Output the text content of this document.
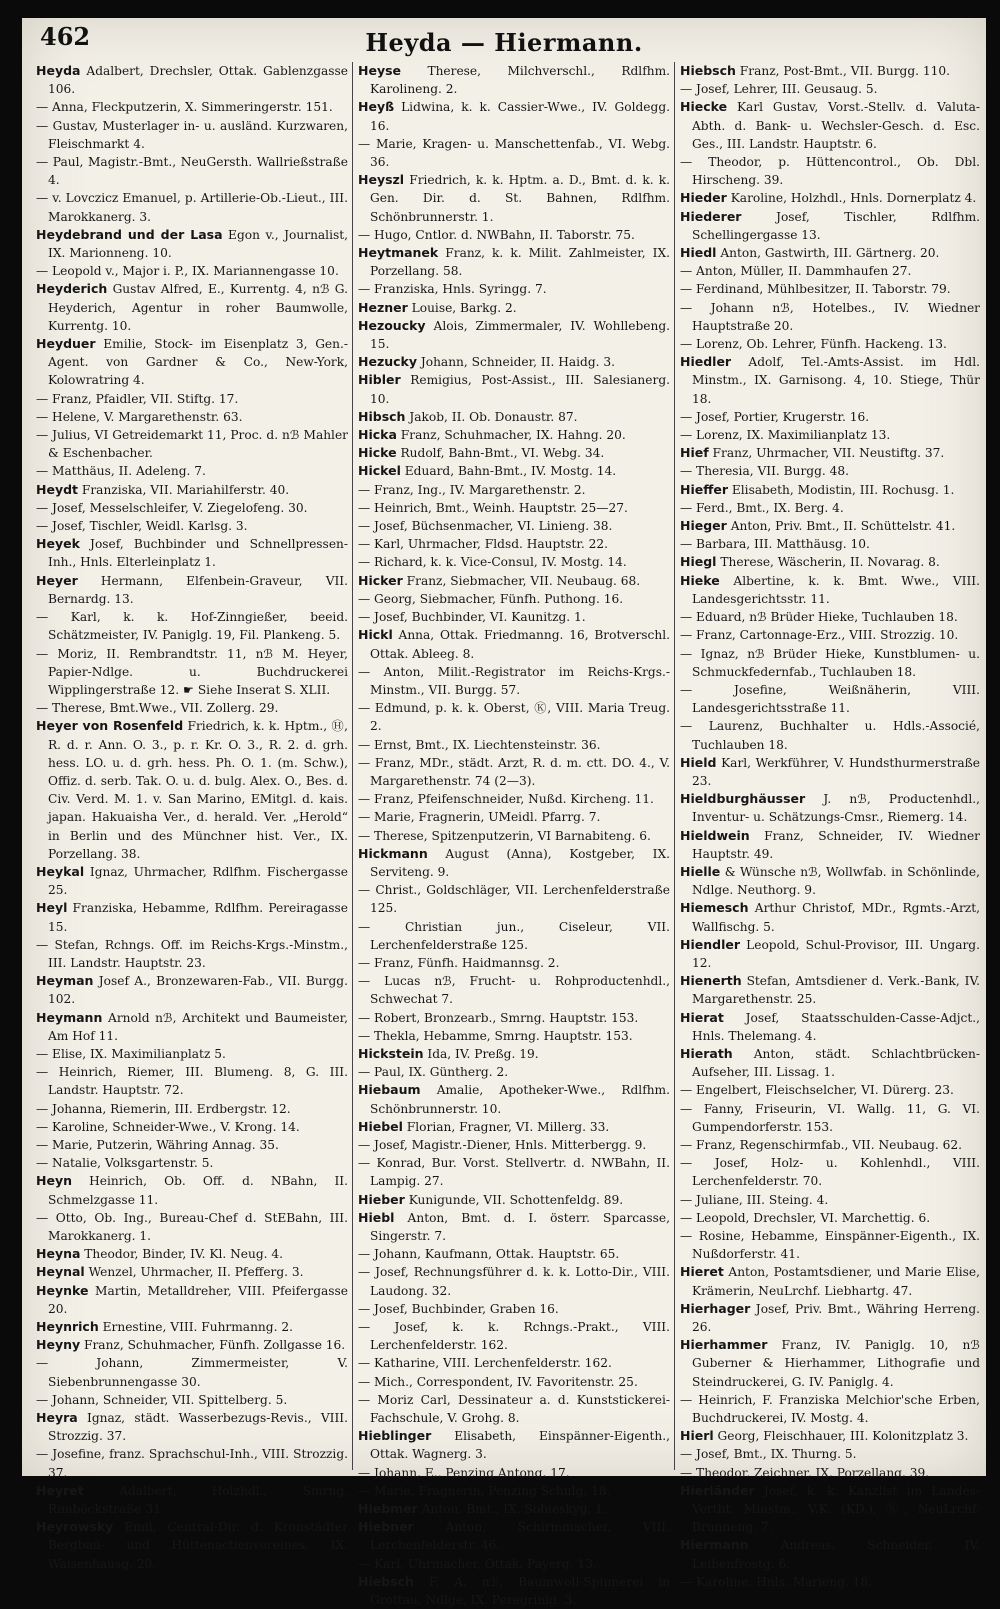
462	Heyda — Hiermann.

Heyda Adalbert, Drechsler, Ottak. Gablenzgasse 106.

— Anna, Fleckputzerin, X. Simmeringerstr. 151.

— Gustav, Musterlager in- u. ausländ. Kurzwaren, Fleischmarkt 4.

— Paul, Magistr.-Bmt., NeuGersth. Wallrießstraße 4.

— v. Lovczicz Emanuel, p. Artillerie-Ob.-Lieut., III. Marokkanerg. 3.

Heydebrand und der Lasa Egon v., Journalist, IX. Marionneng. 10.

— Leopold v., Major i. P., IX. Mariannengasse 10.

Heyderich Gustav Alfred, E., Kurrentg. 4, nℬ G. Heyderich, Agentur in roher Baumwolle, Kurrentg. 10.

Heyduer Emilie, Stock- im Eisenplatz 3, Gen.-Agent. von Gardner & Co., New-York, Kolowratring 4.

— Franz, Pfaidler, VII. Stiftg. 17.

— Helene, V. Margarethenstr. 63.

— Julius, VI Getreidemarkt 11, Proc. d. nℬ Mahler & Eschenbacher.

— Matthäus, II. Adeleng. 7.

Heydt Franziska, VII. Mariahilferstr. 40.

— Josef, Messelschleifer, V. Ziegelofeng. 30.

— Josef, Tischler, Weidl. Karlsg. 3.

Heyek Josef, Buchbinder und Schnellpressen-Inh., Hnls. Elterleinplatz 1.

Heyer Hermann, Elfenbein-Graveur, VII. Bernardg. 13.

— Karl, k. k. Hof-Zinngießer, beeid. Schätzmeister, IV. Paniglg. 19, Fil. Plankeng. 5.

— Moriz, II. Rembrandtstr. 11, nℬ M. Heyer, Papier-Ndlge. u. Buchdruckerei Wipplingerstraße 12. ☛ Siehe Inserat S. XLII.

— Therese, Bmt.Wwe., VII. Zollerg. 29.

Heyer von Rosenfeld Friedrich, k. k. Hptm., Ⓗ, R. d. r. Ann. O. 3., p. r. Kr. O. 3., R. 2. d. grh. hess. LO. u. d. grh. hess. Ph. O. 1. (m. Schw.), Offiz. d. serb. Tak. O. u. d. bulg. Alex. O., Bes. d. Civ. Verd. M. 1. v. San Marino, EMitgl. d. kais. japan. Hakuaisha Ver., d. herald. Ver. „Herold“ in Berlin und des Münchner hist. Ver., IX. Porzellang. 38.

Heykal Ignaz, Uhrmacher, Rdlfhm. Fischergasse 25.

Heyl Franziska, Hebamme, Rdlfhm. Pereiragasse 15.

— Stefan, Rchngs. Off. im Reichs-Krgs.-Minstm., III. Landstr. Hauptstr. 23.

Heyman Josef A., Bronzewaren-Fab., VII. Burgg. 102.

Heymann Arnold nℬ, Architekt und Baumeister, Am Hof 11.

— Elise, IX. Maximilianplatz 5.

— Heinrich, Riemer, III. Blumeng. 8, G. III. Landstr. Hauptstr. 72.

— Johanna, Riemerin, III. Erdbergstr. 12.

— Karoline, Schneider-Wwe., V. Krong. 14.

— Marie, Putzerin, Währing Annag. 35.

— Natalie, Volksgartenstr. 5.

Heyn Heinrich, Ob. Off. d. NBahn, II. Schmelzgasse 11.

— Otto, Ob. Ing., Bureau-Chef d. StEBahn, III. Marokkanerg. 1.

Heyna Theodor, Binder, IV. Kl. Neug. 4.

Heynal Wenzel, Uhrmacher, II. Pfefferg. 3.

Heynke Martin, Metalldreher, VIII. Pfeifergasse 20.

Heynrich Ernestine, VIII. Fuhrmanng. 2.

Heyny Franz, Schuhmacher, Fünfh. Zollgasse 16.

— Johann, Zimmermeister, V. Siebenbrunnengasse 30.

— Johann, Schneider, VII. Spittelberg. 5.

Heyra Ignaz, städt. Wasserbezugs-Revis., VIII. Strozzig. 37.

— Josefine, franz. Sprachschul-Inh., VIII. Strozzig. 37.

Heyret Adalbert, Holzhdl., Smrng. Rimböckstraße 31.

Heyrowsky Emil, Central-Dir. d. Kronstädter Bergbau- und Hüttenactienvereines, IX. Waisenhausg. 20.

Heyse Therese, Milchverschl., Rdlfhm. Karolineng. 2.

Heyß Lidwina, k. k. Cassier-Wwe., IV. Goldegg. 16.

— Marie, Kragen- u. Manschettenfab., VI. Webg. 36.

Heyszl Friedrich, k. k. Hptm. a. D., Bmt. d. k. k. Gen. Dir. d. St. Bahnen, Rdlfhm. Schönbrunnerstr. 1.

— Hugo, Cntlor. d. NWBahn, II. Taborstr. 75.

Heytmanek Franz, k. k. Milit. Zahlmeister, IX. Porzellang. 58.

— Franziska, Hnls. Syringg. 7.

Hezner Louise, Barkg. 2.

Hezoucky Alois, Zimmermaler, IV. Wohllebeng. 15.

Hezucky Johann, Schneider, II. Haidg. 3.

Hibler Remigius, Post-Assist., III. Salesianerg. 10.

Hibsch Jakob, II. Ob. Donaustr. 87.

Hicka Franz, Schuhmacher, IX. Hahng. 20.

Hicke Rudolf, Bahn-Bmt., VI. Webg. 34.

Hickel Eduard, Bahn-Bmt., IV. Mostg. 14.

— Franz, Ing., IV. Margarethenstr. 2.

— Heinrich, Bmt., Weinh. Hauptstr. 25—27.

— Josef, Büchsenmacher, VI. Linieng. 38.

— Karl, Uhrmacher, Fldsd. Hauptstr. 22.

— Richard, k. k. Vice-Consul, IV. Mostg. 14.

Hicker Franz, Siebmacher, VII. Neubaug. 68.

— Georg, Siebmacher, Fünfh. Puthong. 16.

— Josef, Buchbinder, VI. Kaunitzg. 1.

Hickl Anna, Ottak. Friedmanng. 16, Brotverschl. Ottak. Ableeg. 8.

— Anton, Milit.-Registrator im Reichs-Krgs.-Minstm., VII. Burgg. 57.

— Edmund, p. k. k. Oberst, Ⓚ, VIII. Maria Treug. 2.

— Ernst, Bmt., IX. Liechtensteinstr. 36.

— Franz, MDr., städt. Arzt, R. d. m. ctt. DO. 4., V. Margarethenstr. 74 (2—3).

— Franz, Pfeifenschneider, Nußd. Kircheng. 11.

— Marie, Fragnerin, UMeidl. Pfarrg. 7.

— Therese, Spitzenputzerin, VI Barnabiteng. 6.

Hickmann August (Anna), Kostgeber, IX. Serviteng. 9.

— Christ., Goldschläger, VII. Lerchenfelderstraße 125.

— Christian jun., Ciseleur, VII. Lerchenfelderstraße 125.

— Franz, Fünfh. Haidmannsg. 2.

— Lucas nℬ, Frucht- u. Rohproductenhdl., Schwechat 7.

— Robert, Bronzearb., Smrng. Hauptstr. 153.

— Thekla, Hebamme, Smrng. Hauptstr. 153.

Hickstein Ida, IV. Preßg. 19.

— Paul, IX. Güntherg. 2.

Hiebaum Amalie, Apotheker-Wwe., Rdlfhm. Schönbrunnerstr. 10.

Hiebel Florian, Fragner, VI. Millerg. 33.

— Josef, Magistr.-Diener, Hnls. Mitterbergg. 9.

— Konrad, Bur. Vorst. Stellvertr. d. NWBahn, II. Lampig. 27.

Hieber Kunigunde, VII. Schottenfeldg. 89.

Hiebl Anton, Bmt. d. I. österr. Sparcasse, Singerstr. 7.

— Johann, Kaufmann, Ottak. Hauptstr. 65.

— Josef, Rechnungsführer d. k. k. Lotto-Dir., VIII. Laudong. 32.

— Josef, Buchbinder, Graben 16.

— Josef, k. k. Rchngs.-Prakt., VIII. Lerchenfelderstr. 162.

— Katharine, VIII. Lerchenfelderstr. 162.

— Mich., Correspondent, IV. Favoritenstr. 25.

— Moriz Carl, Dessinateur a. d. Kunststickerei-Fachschule, V. Grohg. 8.

Hieblinger Elisabeth, Einspänner-Eigenth., Ottak. Wagnerg. 3.

— Johann, E., Penzing Antong. 17.

— Marie, Fragnerin, Penzing Schulg. 18.

Hiebmer Anton, Bmt., IX. Sobieskyg. 1.

Hiebner Anton, Schirmmacher, VIII. Lerchenfelderstr. 46.

— Karl, Uhrmacher, Ottak. Payerg. 13.

Hiebsch F. A. nℬ, Baumwoll-Spinnerei in Grottau, Ndlge. IX. Peregrinig. 3.

Hiebsch Franz, Post-Bmt., VII. Burgg. 110.

— Josef, Lehrer, III. Geusaug. 5.

Hiecke Karl Gustav, Vorst.-Stellv. d. Valuta-Abth. d. Bank- u. Wechsler-Gesch. d. Esc. Ges., III. Landstr. Hauptstr. 6.

— Theodor, p. Hüttencontrol., Ob. Dbl. Hirscheng. 39.

Hieder Karoline, Holzhdl., Hnls. Dornerplatz 4.

Hiederer Josef, Tischler, Rdlfhm. Schellingergasse 13.

Hiedl Anton, Gastwirth, III. Gärtnerg. 20.

— Anton, Müller, II. Dammhaufen 27.

— Ferdinand, Mühlbesitzer, II. Taborstr. 79.

— Johann nℬ, Hotelbes., IV. Wiedner Hauptstraße 20.

— Lorenz, Ob. Lehrer, Fünfh. Hackeng. 13.

Hiedler Adolf, Tel.-Amts-Assist. im Hdl. Minstm., IX. Garnisong. 4, 10. Stiege, Thür 18.

— Josef, Portier, Krugerstr. 16.

— Lorenz, IX. Maximilianplatz 13.

Hief Franz, Uhrmacher, VII. Neustiftg. 37.

— Theresia, VII. Burgg. 48.

Hieffer Elisabeth, Modistin, III. Rochusg. 1.

— Ferd., Bmt., IX. Berg. 4.

Hieger Anton, Priv. Bmt., II. Schüttelstr. 41.

— Barbara, III. Matthäusg. 10.

Hiegl Therese, Wäscherin, II. Novarag. 8.

Hieke Albertine, k. k. Bmt. Wwe., VIII. Landesgerichtsstr. 11.

— Eduard, nℬ Brüder Hieke, Tuchlauben 18.

— Franz, Cartonnage-Erz., VIII. Strozzig. 10.

— Ignaz, nℬ Brüder Hieke, Kunstblumen- u. Schmuckfedernfab., Tuchlauben 18.

— Josefine, Weißnäherin, VIII. Landesgerichtsstraße 11.

— Laurenz, Buchhalter u. Hdls.-Associé, Tuchlauben 18.

Hield Karl, Werkführer, V. Hundsthurmerstraße 23.

Hieldburghäusser J. nℬ, Productenhdl., Inventur- u. Schätzungs-Cmsr., Riemerg. 14.

Hieldwein Franz, Schneider, IV. Wiedner Hauptstr. 49.

Hielle & Wünsche nℬ, Wollwfab. in Schönlinde, Ndlge. Neuthorg. 9.

Hiemesch Arthur Christof, MDr., Rgmts.-Arzt, Wallfischg. 5.

Hiendler Leopold, Schul-Provisor, III. Ungarg. 12.

Hienerth Stefan, Amtsdiener d. Verk.-Bank, IV. Margarethenstr. 25.

Hierat Josef, Staatsschulden-Casse-Adjct., Hnls. Thelemang. 4.

Hierath Anton, städt. Schlachtbrücken-Aufseher, III. Lissag. 1.

— Engelbert, Fleischselcher, VI. Dürerg. 23.

— Fanny, Friseurin, VI. Wallg. 11, G. VI. Gumpendorferstr. 153.

— Franz, Regenschirmfab., VII. Neubaug. 62.

— Josef, Holz- u. Kohlenhdl., VIII. Lerchenfelderstr. 70.

— Juliane, III. Steing. 4.

— Leopold, Drechsler, VI. Marchettig. 6.

— Rosine, Hebamme, Einspänner-Eigenth., IX. Nußdorferstr. 41.

Hieret Anton, Postamtsdiener, und Marie Elise, Krämerin, NeuLrchf. Liebhartg. 47.

Hierhager Josef, Priv. Bmt., Währing Herreng. 26.

Hierhammer Franz, IV. Paniglg. 10, nℬ Guberner & Hierhammer, Lithografie und Steindruckerei, G. IV. Paniglg. 4.

— Heinrich, F. Franziska Melchior'sche Erben, Buchdruckerei, IV. Mostg. 4.

Hierl Georg, Fleischhauer, III. Kolonitzplatz 3.

— Josef, Bmt., IX. Thurng. 5.

— Theodor, Zeichner, IX. Porzellang. 39.

Hierländer Josef, k. k. Kanzlist im Landes-Vertht. Minstm., V.K. (KD.), Ⓚ, NeuLrchf. Brunneng. 7.

Hiermann Andreas, Schneider, IV. Leibenfrostg. 6.

— Karoline, Hnls. Marieng. 18.
